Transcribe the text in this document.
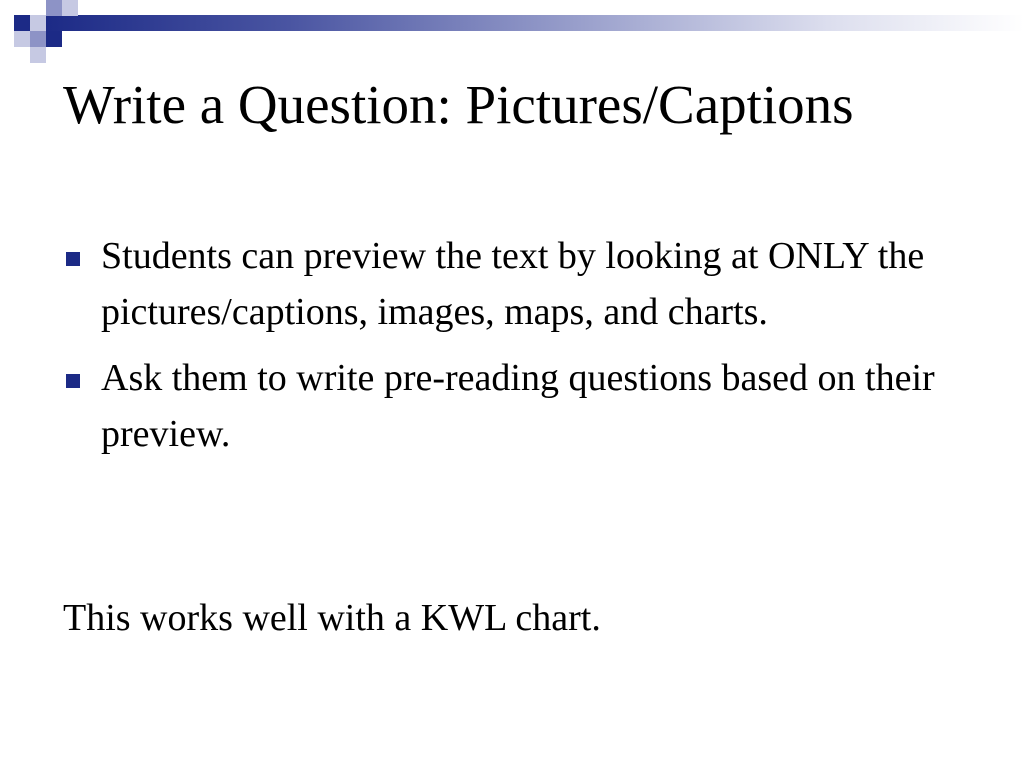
Write a Question: Pictures/Captions
Students can preview the text by looking at ONLY the pictures/captions, images, maps, and charts.
Ask them to write pre-reading questions based on their preview.
This works well with a KWL chart.
